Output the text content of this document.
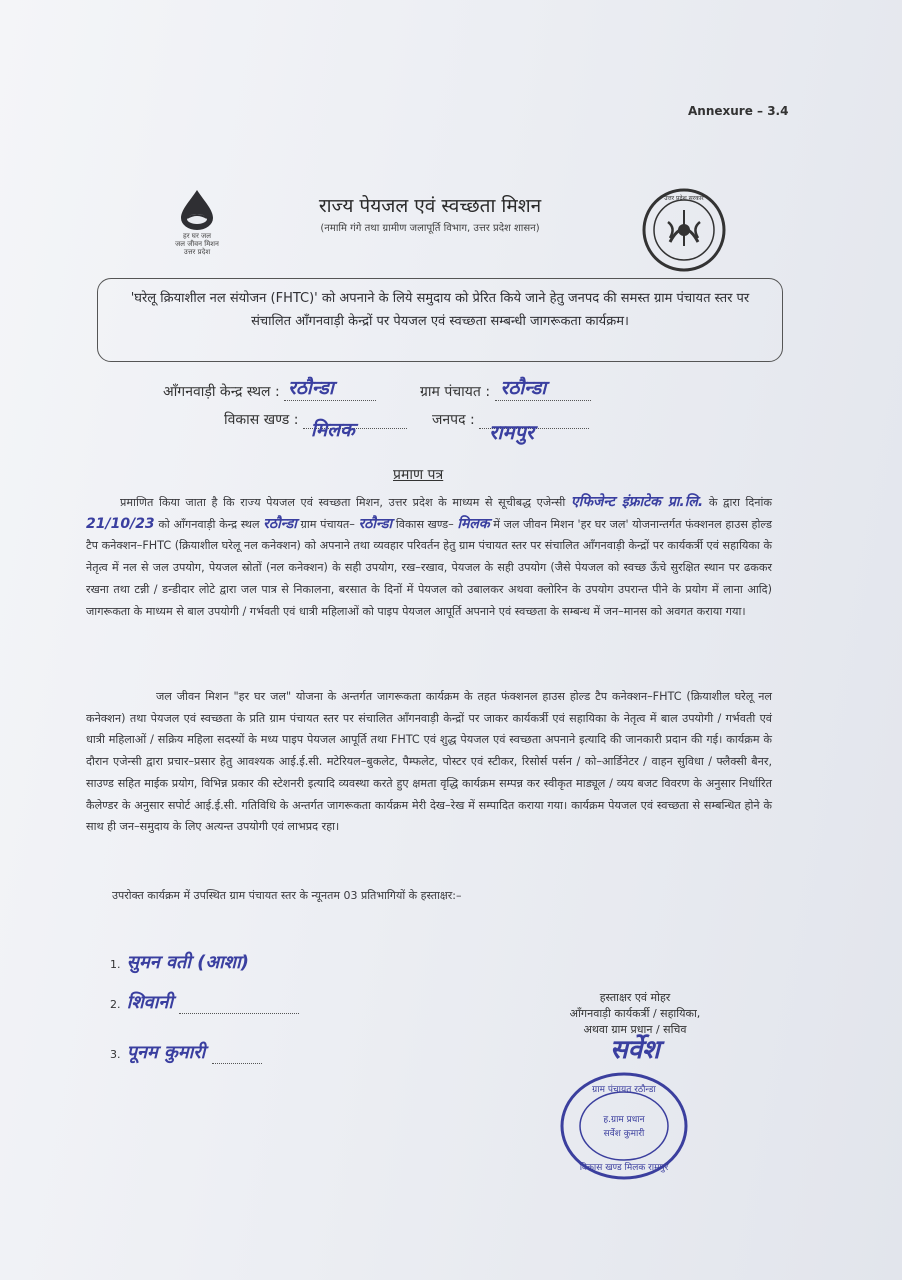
Annexure – 3.4
हर घर जल
जल जीवन मिशन
उत्तर प्रदेश
राज्य पेयजल एवं स्वच्छता मिशन
(नमामि गंगे तथा ग्रामीण जलापूर्ति विभाग, उत्तर प्रदेश शासन)
उत्तर प्रदेश सरकार
'घरेलू क्रियाशील नल संयोजन (FHTC)' को अपनाने के लिये समुदाय को प्रेरित किये जाने हेतु जनपद की समस्त ग्राम पंचायत स्तर पर संचालित आँगनवाड़ी केन्द्रों पर पेयजल एवं स्वच्छता सम्बन्धी जागरूकता कार्यक्रम।
आँगनवाड़ी केन्द्र स्थल : रठौन्डा
	ग्राम पंचायत : रठौन्डा

विकास खण्ड : मिलक
	जनपद : रामपुर

प्रमाण पत्र
प्रमाणित किया जाता है कि राज्य पेयजल एवं स्वच्छता मिशन, उत्तर प्रदेश के माध्यम से सूचीबद्ध एजेन्सी एफिजेन्ट इंफ्राटेक प्रा.लि. के द्वारा दिनांक 21/10/23 को आँगनवाड़ी केन्द्र स्थल रठौन्डा ग्राम पंचायत– रठौन्डा विकास खण्ड– मिलक में जल जीवन मिशन 'हर घर जल' योजनान्तर्गत फंक्शनल हाउस होल्ड टैप कनेक्शन–FHTC (क्रियाशील घरेलू नल कनेक्शन) को अपनाने तथा व्यवहार परिवर्तन हेतु ग्राम पंचायत स्तर पर संचालित आँगनवाड़ी केन्द्रों पर कार्यकर्त्री एवं सहायिका के नेतृत्व में नल से जल उपयोग, पेयजल स्रोतों (नल कनेक्शन) के सही उपयोग, रख–रखाव, पेयजल के सही उपयोग (जैसे पेयजल को स्वच्छ ऊँचे सुरक्षित स्थान पर ढककर रखना तथा टन्नी / डन्डीदार लोटे द्वारा जल पात्र से निकालना, बरसात के दिनों में पेयजल को उबालकर अथवा क्लोरिन के उपयोग उपरान्त पीने के प्रयोग में लाना आदि) जागरूकता के माध्यम से बाल उपयोगी / गर्भवती एवं धात्री महिलाओं को पाइप पेयजल आपूर्ति अपनाने एवं स्वच्छता के सम्बन्ध में जन–मानस को अवगत कराया गया।
जल जीवन मिशन "हर घर जल" योजना के अन्तर्गत जागरूकता कार्यक्रम के तहत फंक्शनल हाउस होल्ड टैप कनेक्शन–FHTC (क्रियाशील घरेलू नल कनेक्शन) तथा पेयजल एवं स्वच्छता के प्रति ग्राम पंचायत स्तर पर संचालित आँगनवाड़ी केन्द्रों पर जाकर कार्यकर्त्री एवं सहायिका के नेतृत्व में बाल उपयोगी / गर्भवती एवं धात्री महिलाओं / सक्रिय महिला सदस्यों के मध्य पाइप पेयजल आपूर्ति तथा FHTC एवं शुद्ध पेयजल एवं स्वच्छता अपनाने इत्यादि की जानकारी प्रदान की गई। कार्यक्रम के दौरान एजेन्सी द्वारा प्रचार–प्रसार हेतु आवश्यक आई.ई.सी. मटेरियल–बुकलेट, पैम्फलेट, पोस्टर एवं स्टीकर, रिसोर्स पर्सन / को–आर्डिनेटर / वाहन सुविधा / फ्लैक्सी बैनर, साउण्ड सहित माईक प्रयोग, विभिन्न प्रकार की स्टेशनरी इत्यादि व्यवस्था करते हुए क्षमता वृद्धि कार्यक्रम सम्पन्न कर स्वीकृत माड्यूल / व्यय बजट विवरण के अनुसार निर्धारित कैलेण्डर के अनुसार सपोर्ट आई.ई.सी. गतिविधि के अन्तर्गत जागरूकता कार्यक्रम मेरी देख–रेख में सम्पादित कराया गया। कार्यक्रम पेयजल एवं स्वच्छता से सम्बन्धित होने के साथ ही जन–समुदाय के लिए अत्यन्त उपयोगी एवं लाभप्रद रहा।
उपरोक्त कार्यक्रम में उपस्थित ग्राम पंचायत स्तर के न्यूनतम 03 प्रतिभागियों के हस्ताक्षर:–
1. सुमन वती (आशा)
2. शिवानी
3. पूनम कुमारी
हस्ताक्षर एवं मोहर
आँगनवाड़ी कार्यकर्त्री / सहायिका,
अथवा ग्राम प्रधान / सचिव
सर्वेश
ग्राम पंचायत रठौन्डा
विकास खण्ड मिलक रामपुर
ह.ग्राम प्रधान
सर्वेश कुमारी
